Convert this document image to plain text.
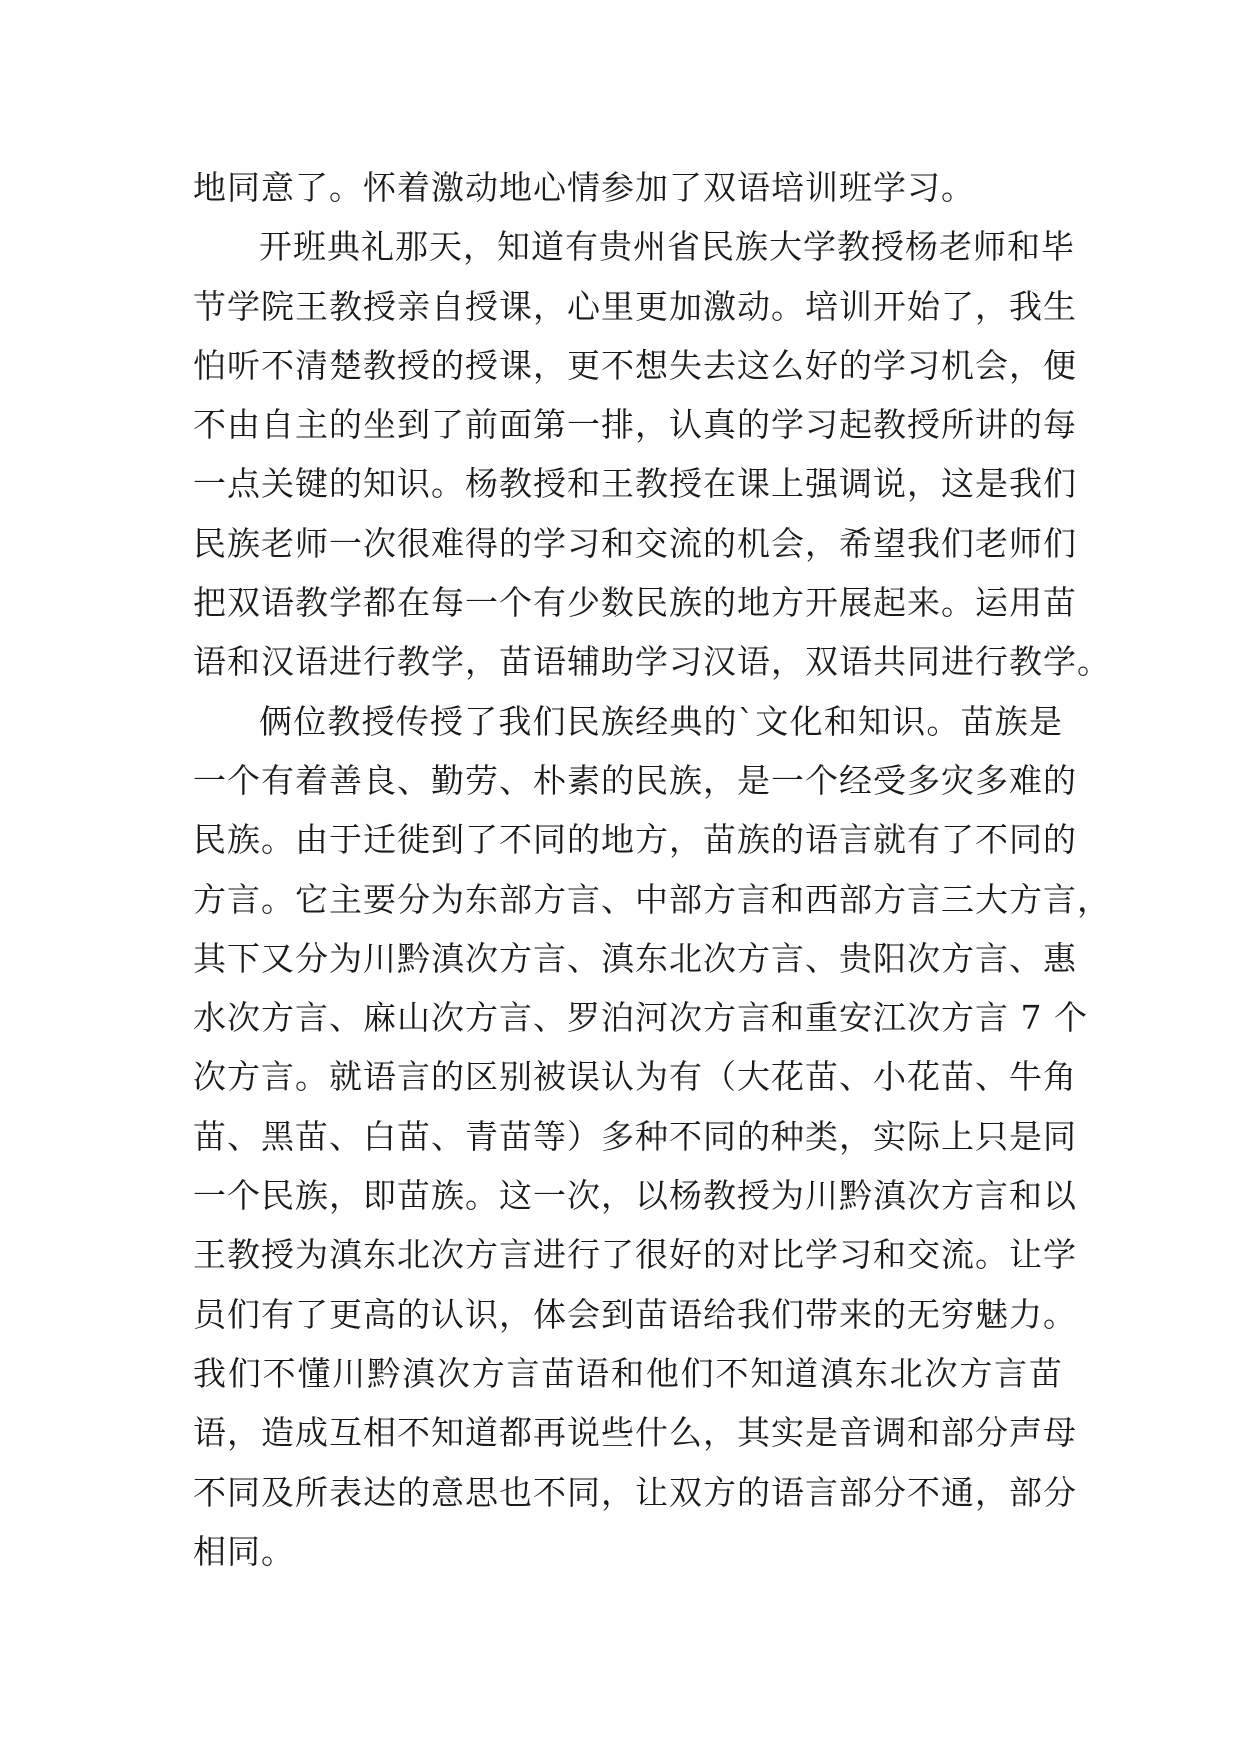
地同意了。怀着激动地心情参加了双语培训班学习。
开班典礼那天，知道有贵州省民族大学教授杨老师和毕
节学院王教授亲自授课，心里更加激动。培训开始了，我生
怕听不清楚教授的授课，更不想失去这么好的学习机会，便
不由自主的坐到了前面第一排，认真的学习起教授所讲的每
一点关键的知识。杨教授和王教授在课上强调说，这是我们
民族老师一次很难得的学习和交流的机会，希望我们老师们
把双语教学都在每一个有少数民族的地方开展起来。运用苗
语和汉语进行教学，苗语辅助学习汉语，双语共同进行教学。
俩位教授传授了我们民族经典的`文化和知识。苗族是
一个有着善良、勤劳、朴素的民族，是一个经受多灾多难的
民族。由于迁徙到了不同的地方，苗族的语言就有了不同的
方言。它主要分为东部方言、中部方言和西部方言三大方言，
其下又分为川黔滇次方言、滇东北次方言、贵阳次方言、惠
水次方言、麻山次方言、罗泊河次方言和重安江次方言 7 个
次方言。就语言的区别被误认为有（大花苗、小花苗、牛角
苗、黑苗、白苗、青苗等）多种不同的种类，实际上只是同
一个民族，即苗族。这一次，以杨教授为川黔滇次方言和以
王教授为滇东北次方言进行了很好的对比学习和交流。让学
员们有了更高的认识，体会到苗语给我们带来的无穷魅力。
我们不懂川黔滇次方言苗语和他们不知道滇东北次方言苗
语，造成互相不知道都再说些什么，其实是音调和部分声母
不同及所表达的意思也不同，让双方的语言部分不通，部分
相同。
